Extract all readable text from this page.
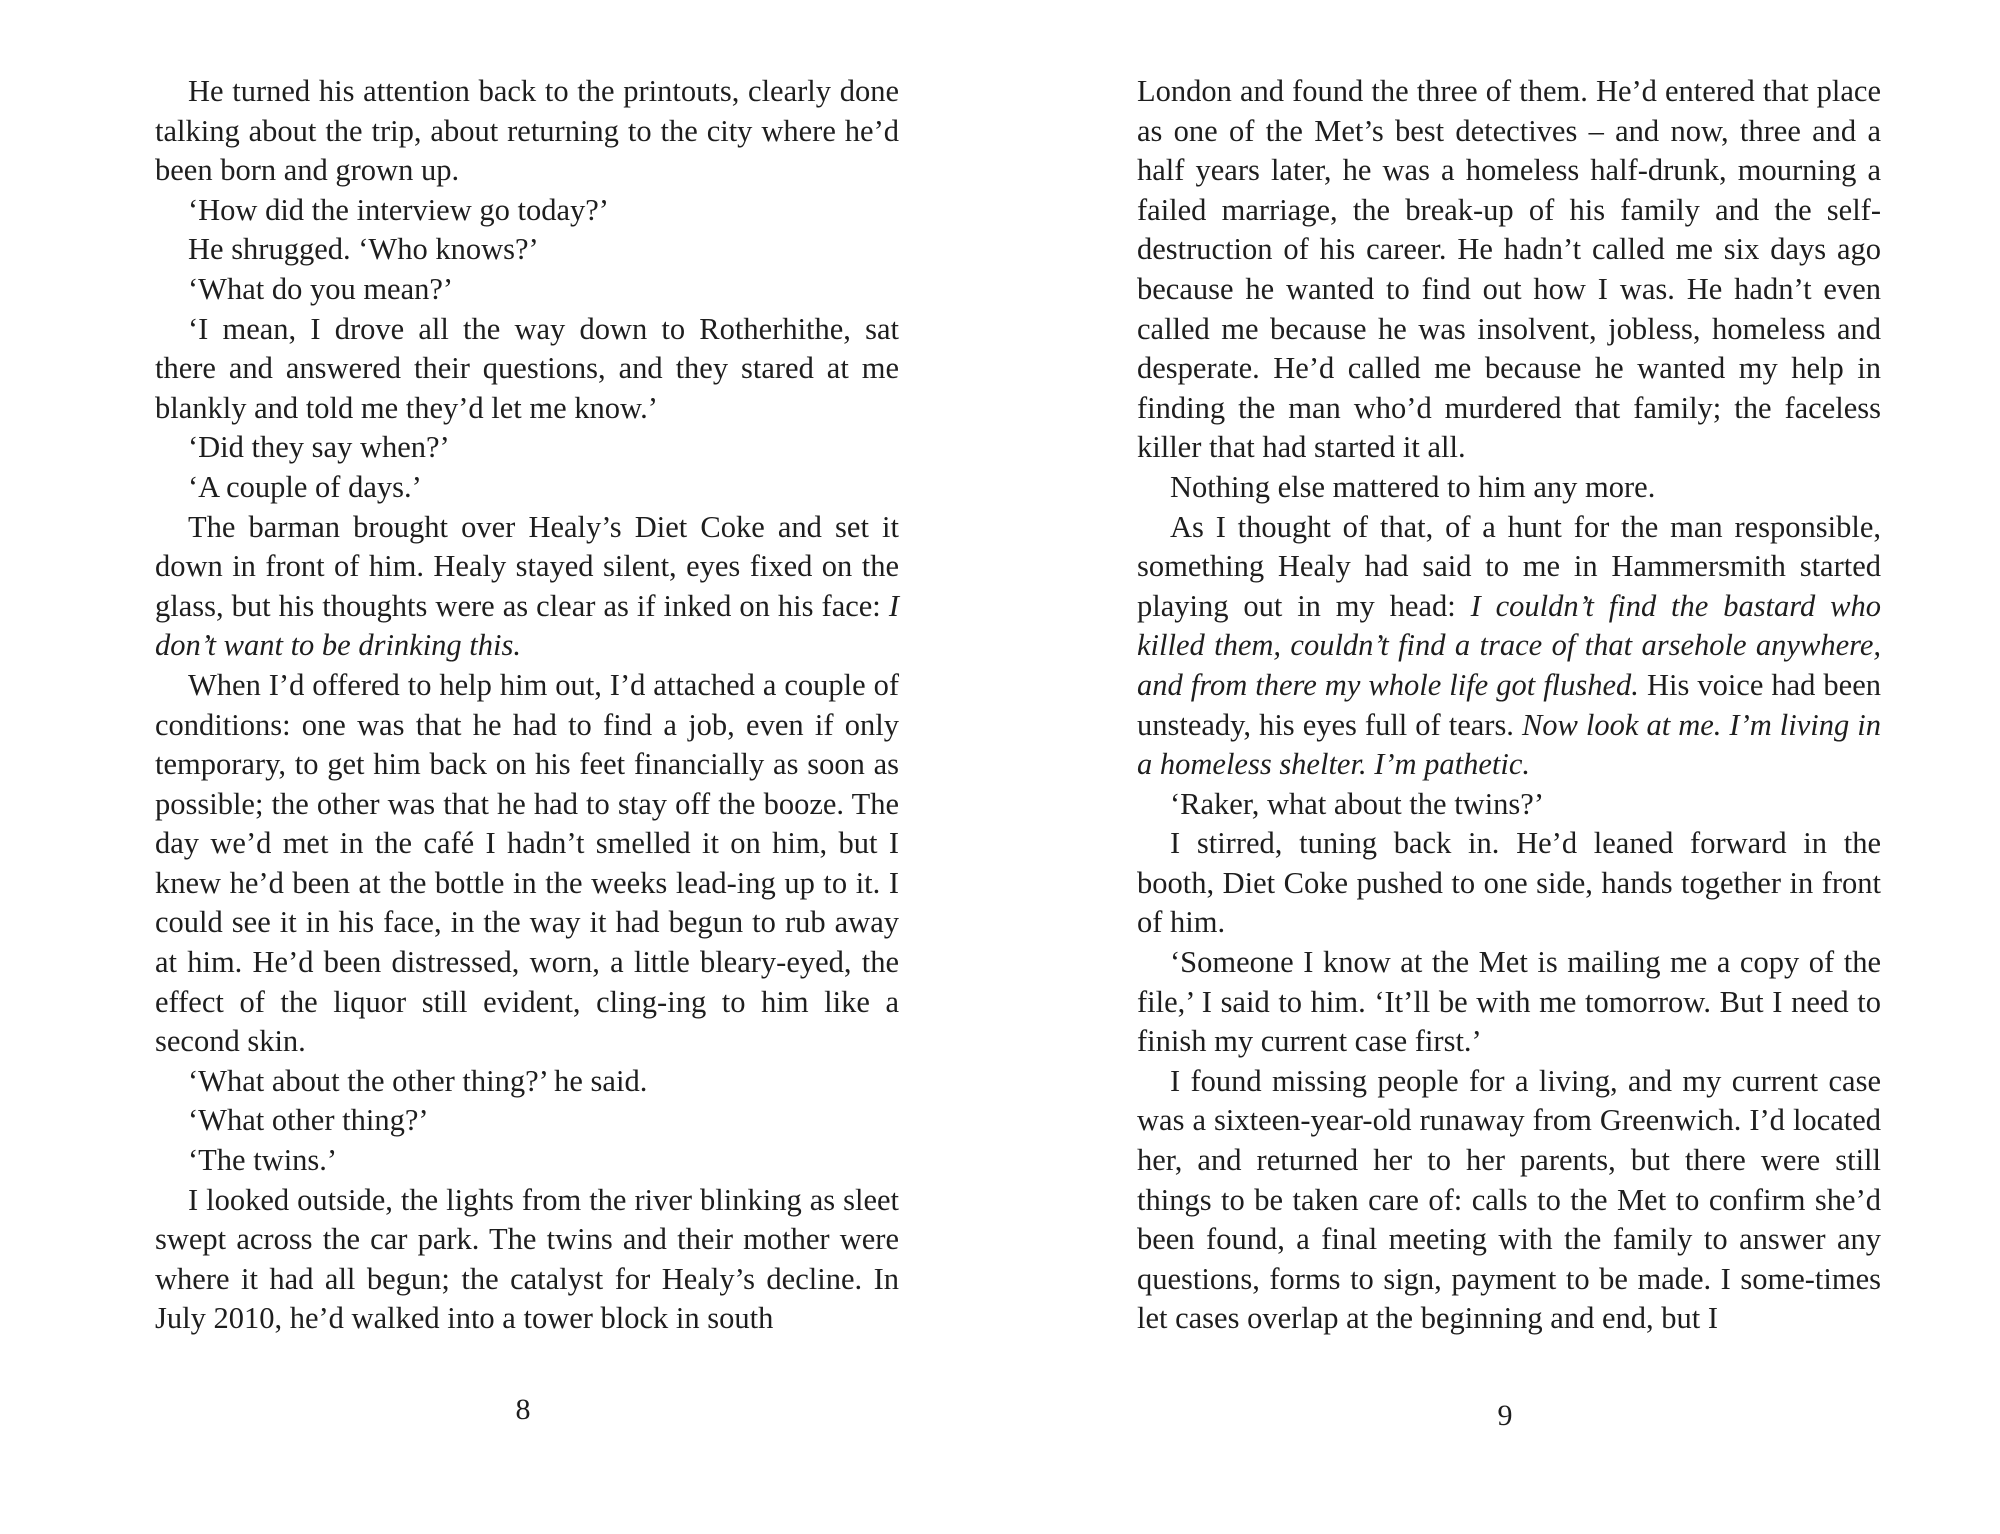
He turned his attention back to the printouts, clearly done talking about the trip, about returning to the city where he’d been born and grown up.

‘How did the interview go today?’

He shrugged. ‘Who knows?’

‘What do you mean?’

‘I mean, I drove all the way down to Rotherhithe, sat there and answered their questions, and they stared at me blankly and told me they’d let me know.’

‘Did they say when?’

‘A couple of days.’

The barman brought over Healy’s Diet Coke and set it down in front of him. Healy stayed silent, eyes fixed on the glass, but his thoughts were as clear as if inked on his face: I don’t want to be drinking this.

When I’d offered to help him out, I’d attached a couple of conditions: one was that he had to find a job, even if only temporary, to get him back on his feet financially as soon as possible; the other was that he had to stay off the booze. The day we’d met in the café I hadn’t smelled it on him, but I knew he’d been at the bottle in the weeks lead-ing up to it. I could see it in his face, in the way it had begun to rub away at him. He’d been distressed, worn, a little bleary-eyed, the effect of the liquor still evident, cling-ing to him like a second skin.

‘What about the other thing?’ he said.

‘What other thing?’

‘The twins.’

I looked outside, the lights from the river blinking as sleet swept across the car park. The twins and their mother were where it had all begun; the catalyst for Healy’s decline. In July 2010, he’d walked into a tower block in south

8

London and found the three of them. He’d entered that place as one of the Met’s best detectives – and now, three and a half years later, he was a homeless half-drunk, mourning a failed marriage, the break-up of his family and the self-destruction of his career. He hadn’t called me six days ago because he wanted to find out how I was. He hadn’t even called me because he was insolvent, jobless, homeless and desperate. He’d called me because he wanted my help in finding the man who’d murdered that family; the faceless killer that had started it all.

Nothing else mattered to him any more.

As I thought of that, of a hunt for the man responsible, something Healy had said to me in Hammersmith started playing out in my head: I couldn’t find the bastard who killed them, couldn’t find a trace of that arsehole anywhere, and from there my whole life got flushed. His voice had been unsteady, his eyes full of tears. Now look at me. I’m living in a homeless shelter. I’m pathetic.

‘Raker, what about the twins?’

I stirred, tuning back in. He’d leaned forward in the booth, Diet Coke pushed to one side, hands together in front of him.

‘Someone I know at the Met is mailing me a copy of the file,’ I said to him. ‘It’ll be with me tomorrow. But I need to finish my current case first.’

I found missing people for a living, and my current case was a sixteen-year-old runaway from Greenwich. I’d located her, and returned her to her parents, but there were still things to be taken care of: calls to the Met to confirm she’d been found, a final meeting with the family to answer any questions, forms to sign, payment to be made. I some-times let cases overlap at the beginning and end, but I

9
